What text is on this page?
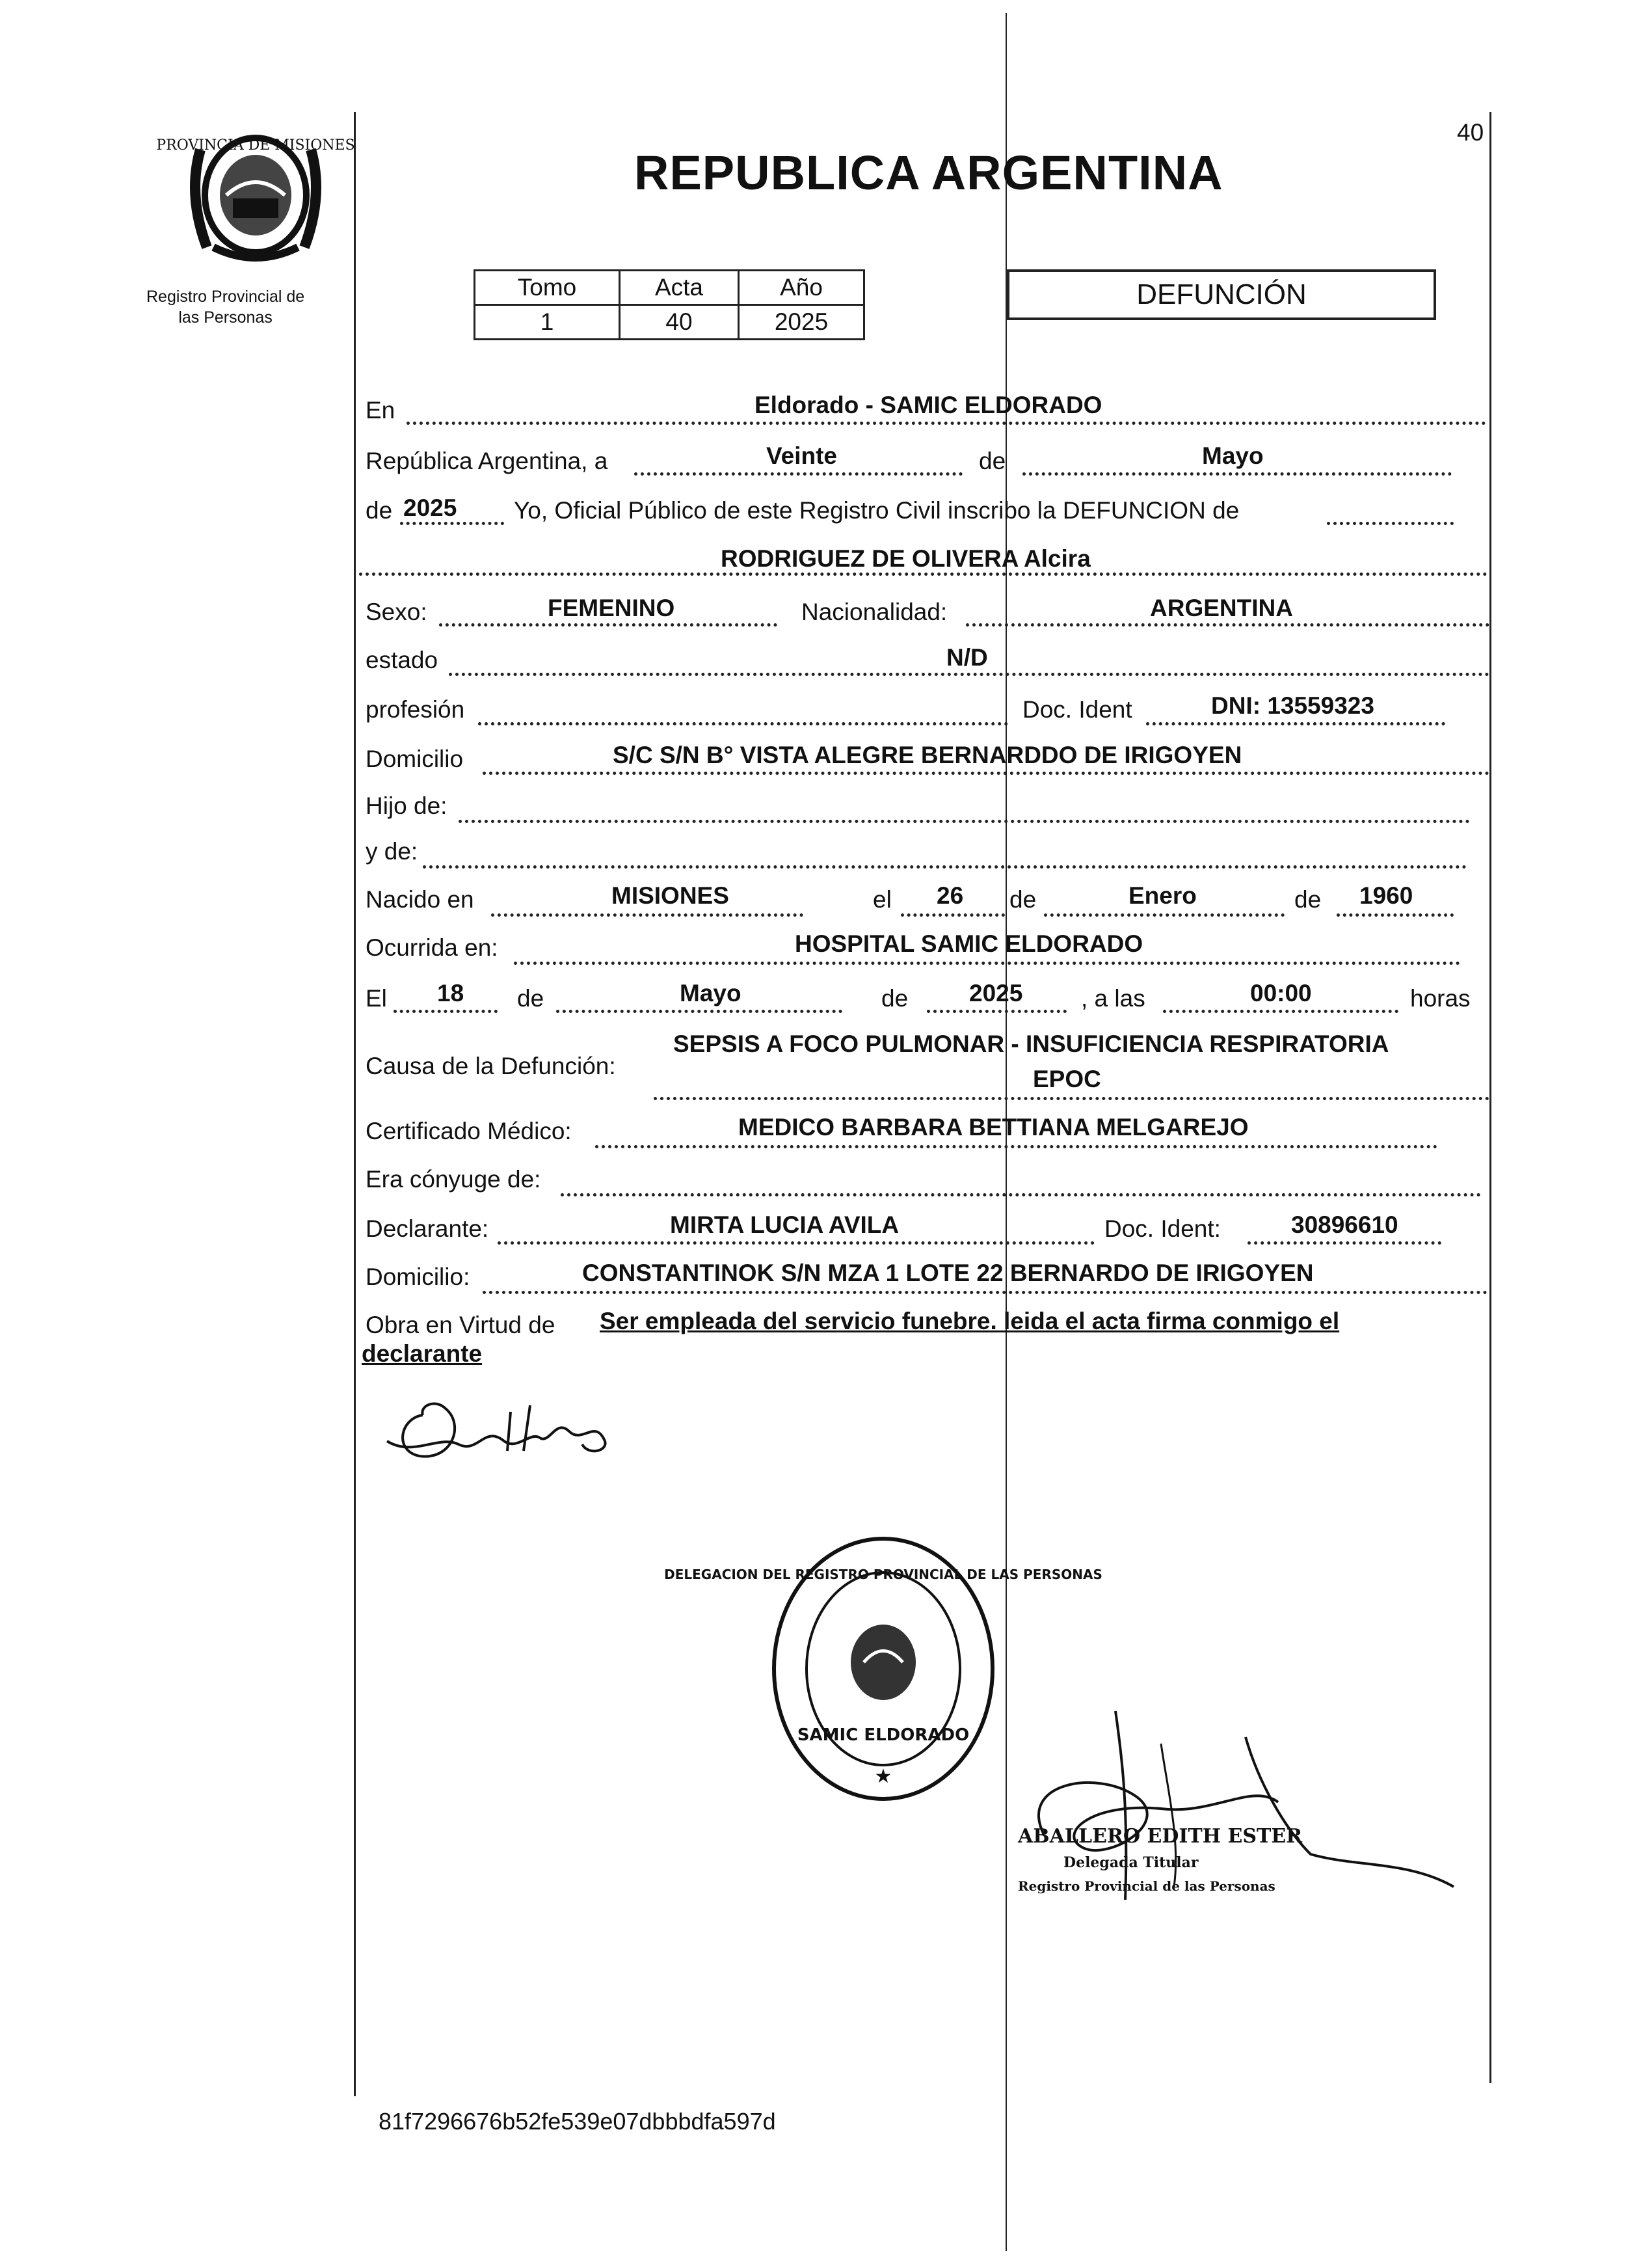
PROVINCIA DE MISIONES
Registro Provincial de
las Personas
40
REPUBLICA ARGENTINA
Tomo	Acta	Año
1	40	2025
DEFUNCIÓN
En	Eldorado - SAMIC ELDORADO
República Argentina, a	Veinte	de	Mayo
de 2025 Yo, Oficial Público de este Registro Civil inscribo la DEFUNCION de
RODRIGUEZ DE OLIVERA Alcira
Sexo:	FEMENINO	Nacionalidad:	ARGENTINA
estado	N/D
profesión	Doc. Ident	DNI: 13559323
Domicilio	S/C S/N B° VISTA ALEGRE BERNARDDO DE IRIGOYEN
Hijo de:
y de:
Nacido en	MISIONES	el 26 de	Enero	de 1960
Ocurrida en:	HOSPITAL SAMIC ELDORADO
El 18 de	Mayo	de	2025 , a las	00:00	horas
Causa de la Defunción:
SEPSIS A FOCO PULMONAR - INSUFICIENCIA RESPIRATORIA
EPOC
Certificado Médico:	MEDICO BARBARA BETTIANA MELGAREJO
Era cónyuge de:
Declarante:	MIRTA LUCIA AVILA	Doc. Ident:	30896610
Domicilio:	CONSTANTINOK S/N MZA 1 LOTE 22 BERNARDO DE IRIGOYEN
Obra en Virtud de Ser empleada del servicio funebre. leida el acta firma conmigo el
declarante
DELEGACION DEL REGISTRO PROVINCIAL DE LAS PERSONAS
SAMIC ELDORADO
★
ABALLERO EDITH ESTER
Delegada Titular
Registro Provincial de las Personas
81f7296676b52fe539e07dbbbdfa597d
